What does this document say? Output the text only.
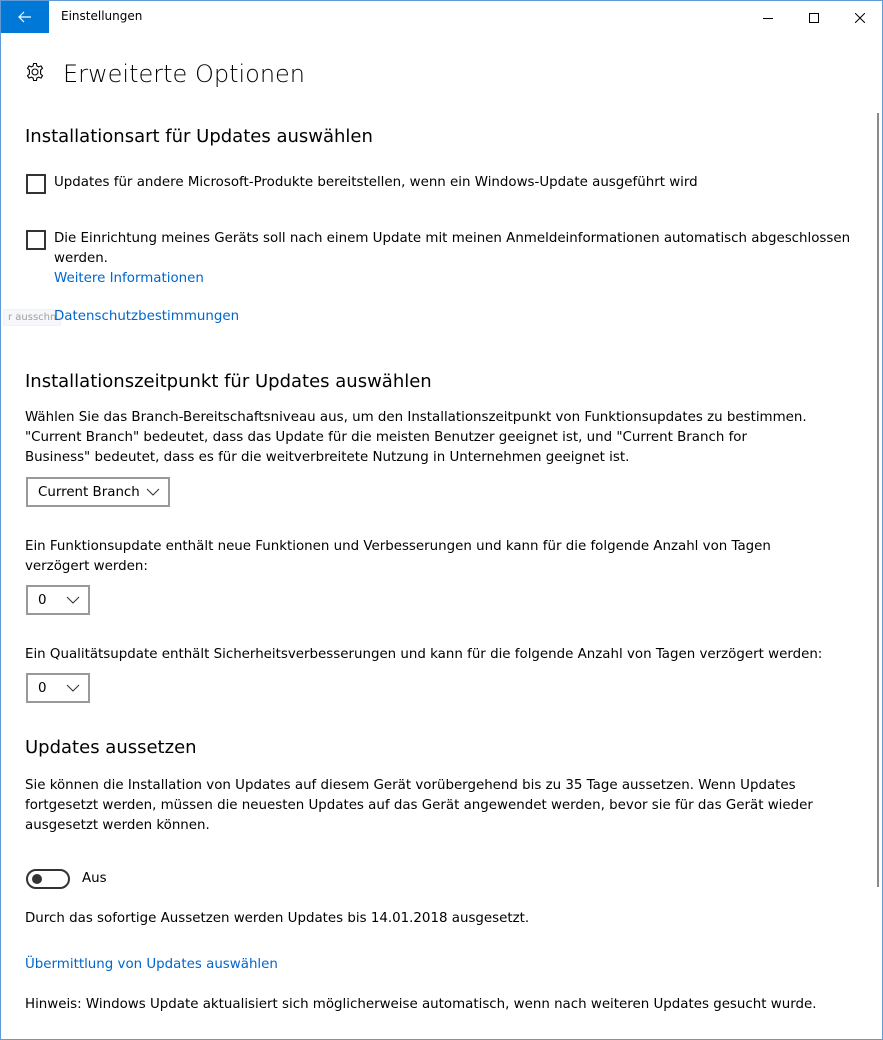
Einstellungen
Erweiterte Optionen
Installationsart für Updates auswählen
Updates für andere Microsoft-Produkte bereitstellen, wenn ein Windows-Update ausgeführt wird
Die Einrichtung meines Geräts soll nach einem Update mit meinen Anmeldeinformationen automatisch abgeschlossen werden.
Weitere Informationen
r ausschn
Datenschutzbestimmungen
Installationszeitpunkt für Updates auswählen
Wählen Sie das Branch-Bereitschaftsniveau aus, um den Installationszeitpunkt von Funktionsupdates zu bestimmen. "Current Branch" bedeutet, dass das Update für die meisten Benutzer geeignet ist, und "Current Branch for Business" bedeutet, dass es für die weitverbreitete Nutzung in Unternehmen geeignet ist.
Current Branch
Ein Funktionsupdate enthält neue Funktionen und Verbesserungen und kann für die folgende Anzahl von Tagen verzögert werden:
0
Ein Qualitätsupdate enthält Sicherheitsverbesserungen und kann für die folgende Anzahl von Tagen verzögert werden:
0
Updates aussetzen
Sie können die Installation von Updates auf diesem Gerät vorübergehend bis zu 35 Tage aussetzen. Wenn Updates fortgesetzt werden, müssen die neuesten Updates auf das Gerät angewendet werden, bevor sie für das Gerät wieder ausgesetzt werden können.
Aus
Durch das sofortige Aussetzen werden Updates bis 14.01.2018 ausgesetzt.
Übermittlung von Updates auswählen
Hinweis: Windows Update aktualisiert sich möglicherweise automatisch, wenn nach weiteren Updates gesucht wurde.
